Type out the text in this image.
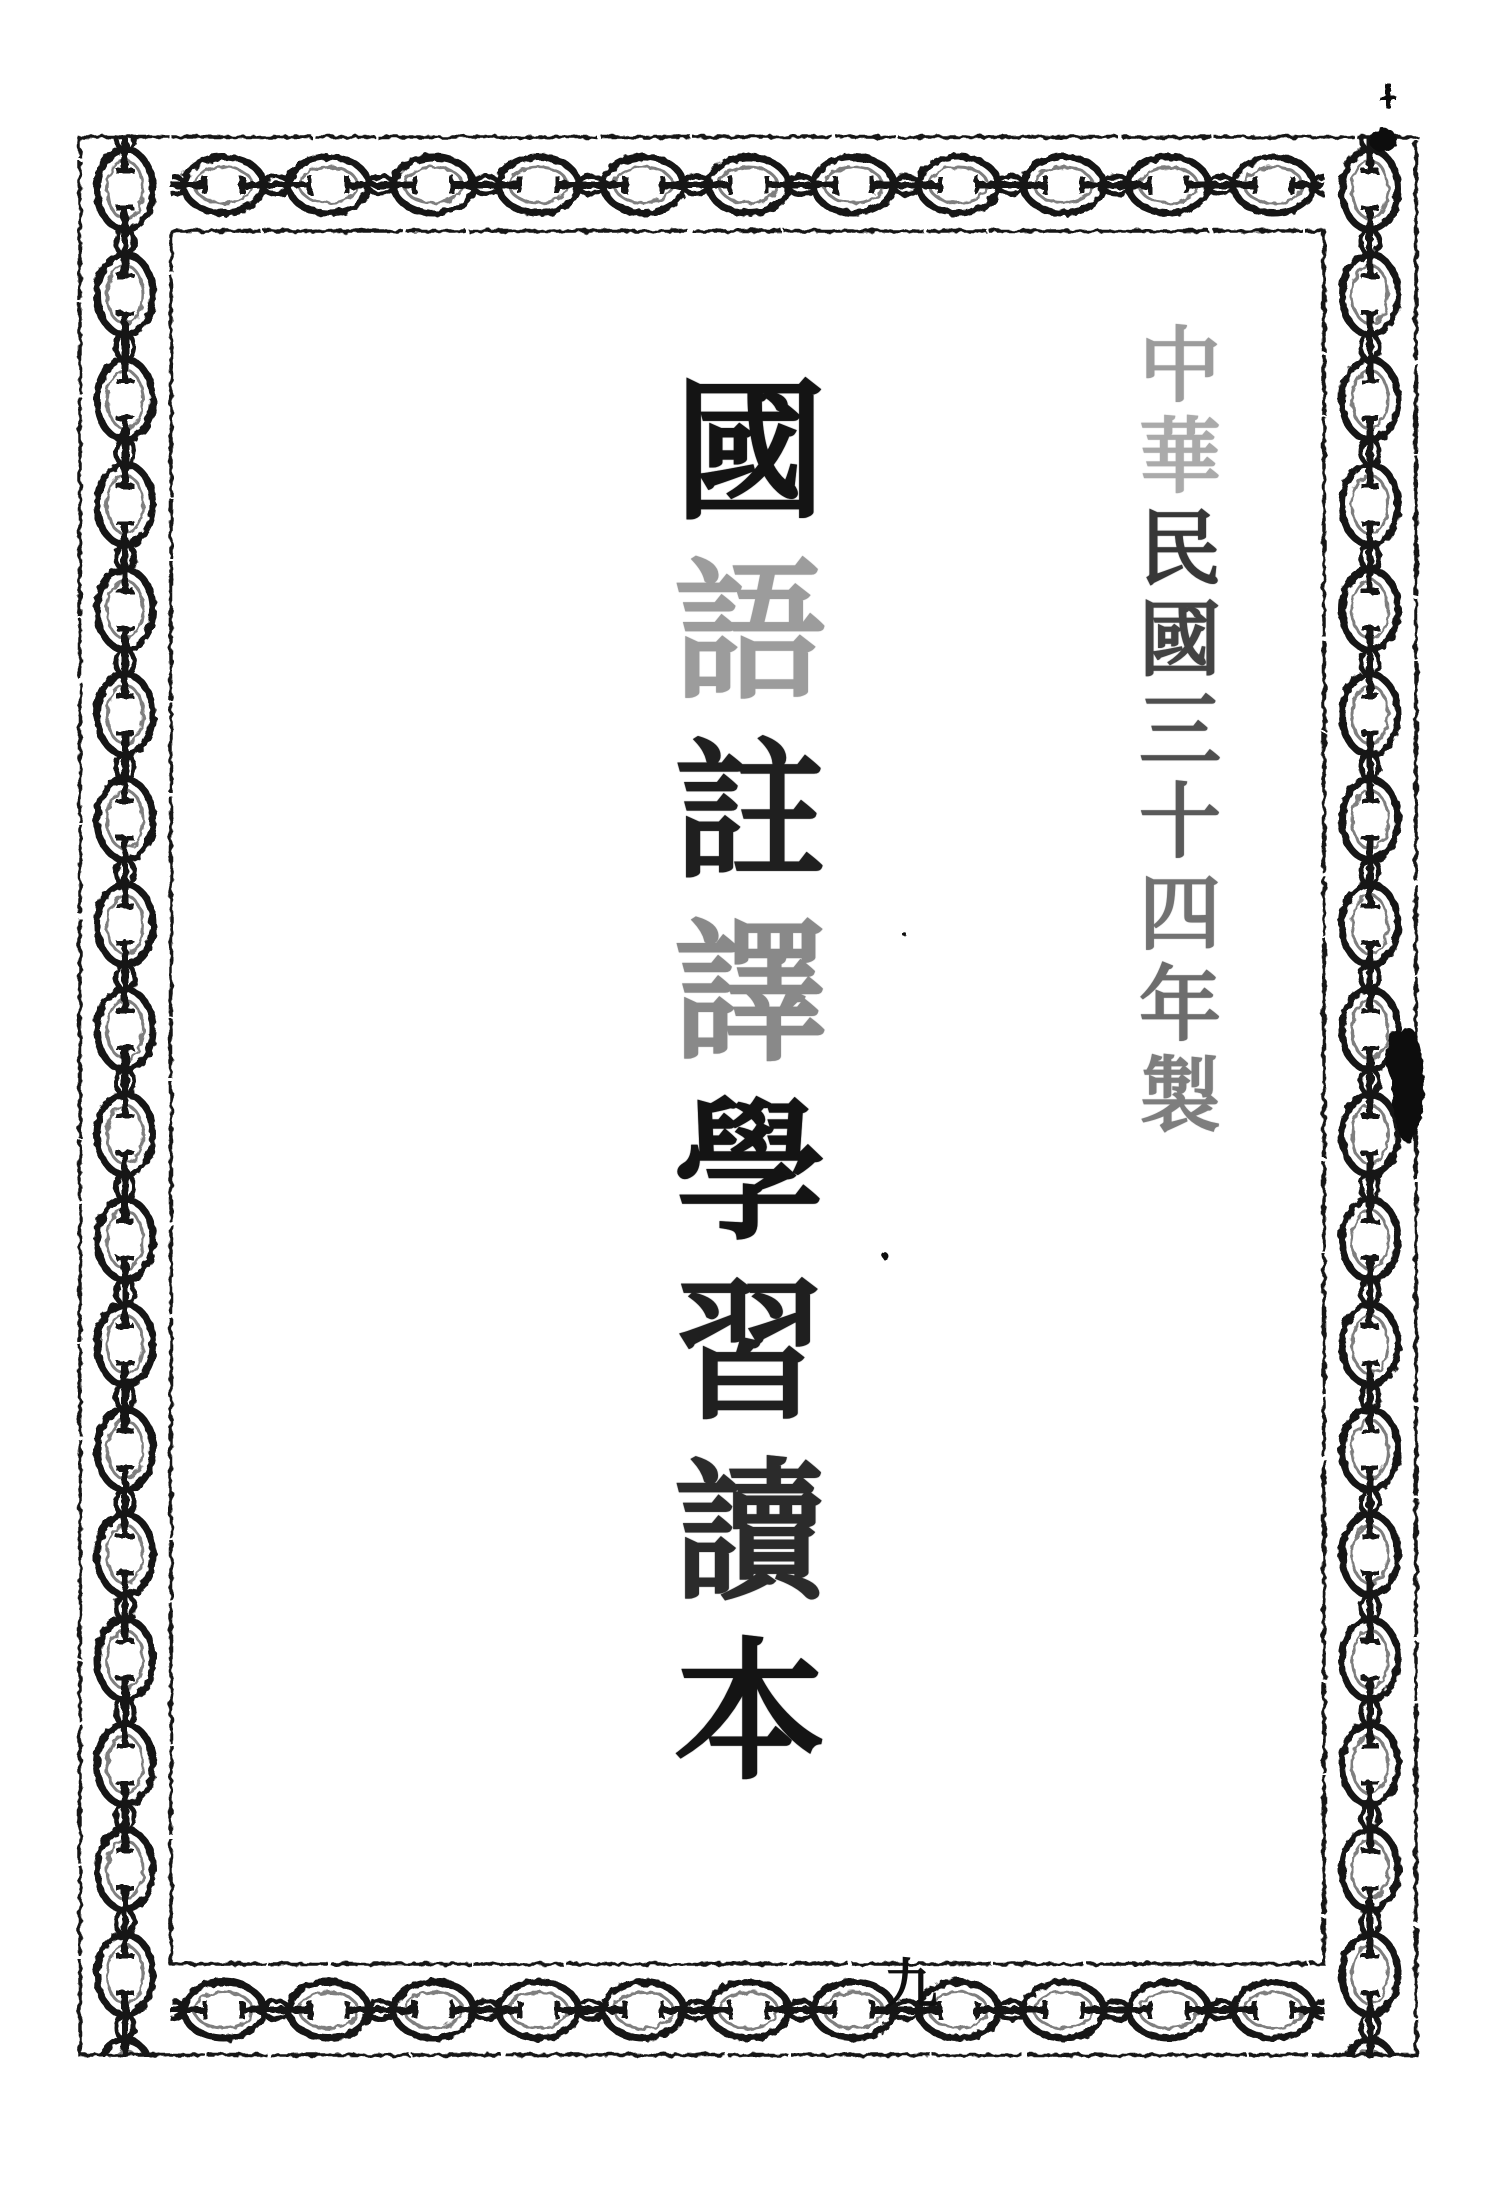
國
語
註
譯
學
習
讀
本
中
華
民
國
三
十
四
年
製
九
